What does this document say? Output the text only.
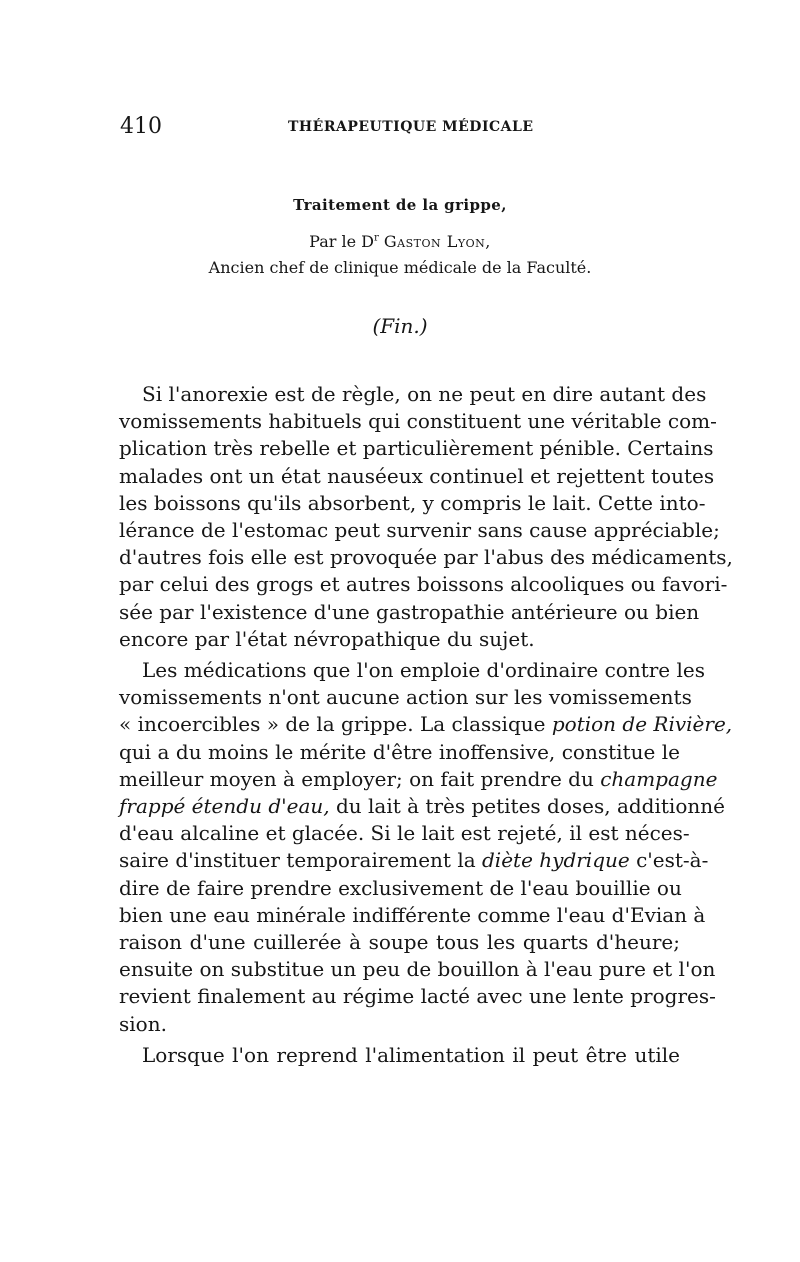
410	THÉRAPEUTIQUE MÉDICALE
Traitement de la grippe,
Par le $D^r$ Gaston Lyon,
Ancien chef de clinique médicale de la Faculté.
(Fin.)
Si l'anorexie est de règle, on ne peut en dire autant des
vomissements habituels qui constituent une véritable com-
plication très rebelle et particulièrement pénible. Certains
malades ont un état nauséeux continuel et rejettent toutes
les boissons qu'ils absorbent, y compris le lait. Cette into-
lérance de l'estomac peut survenir sans cause appréciable;
d'autres fois elle est provoquée par l'abus des médicaments,
par celui des grogs et autres boissons alcooliques ou favori-
sée par l'existence d'une gastropathie antérieure ou bien
encore par l'état névropathique du sujet.
Les médications que l'on emploie d'ordinaire contre les
vomissements n'ont aucune action sur les vomissements
« incoercibles » de la grippe. La classique potion de Rivière,
qui a du moins le mérite d'être inoffensive, constitue le
meilleur moyen à employer; on fait prendre du champagne
frappé étendu d'eau, du lait à très petites doses, additionné
d'eau alcaline et glacée. Si le lait est rejeté, il est néces-
saire d'instituer temporairement la diète hydrique c'est-à-
dire de faire prendre exclusivement de l'eau bouillie ou
bien une eau minérale indifférente comme l'eau d'Evian à
raison d'une cuillerée à soupe tous les quarts d'heure;
ensuite on substitue un peu de bouillon à l'eau pure et l'on
revient finalement au régime lacté avec une lente progres-
sion.
Lorsque l'on reprend l'alimentation il peut être utile
